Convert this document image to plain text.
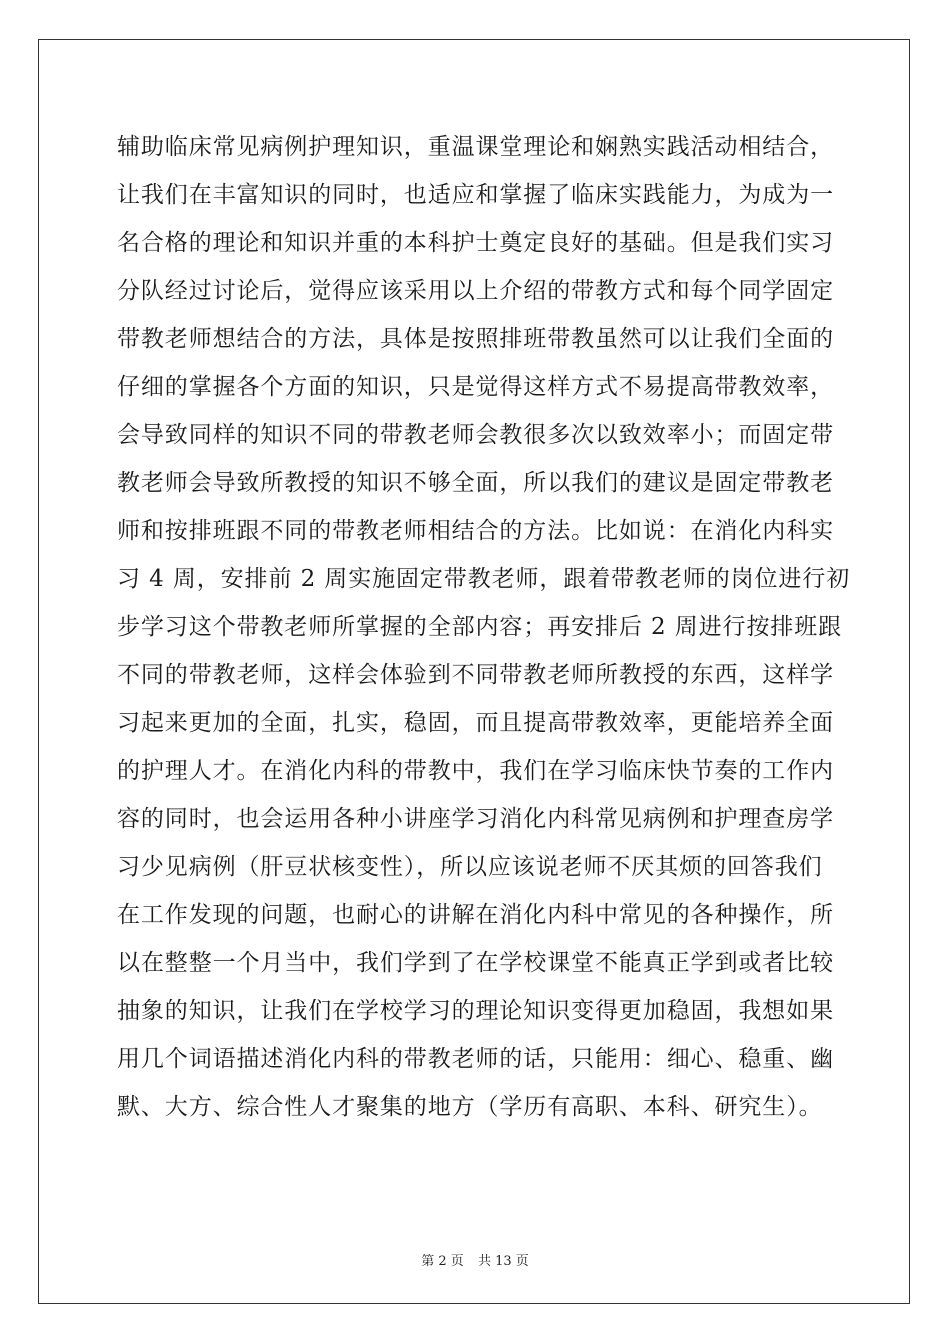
辅助临床常见病例护理知识，重温课堂理论和娴熟实践活动相结合，
让我们在丰富知识的同时，也适应和掌握了临床实践能力，为成为一
名合格的理论和知识并重的本科护士奠定良好的基础。但是我们实习
分队经过讨论后，觉得应该采用以上介绍的带教方式和每个同学固定
带教老师想结合的方法，具体是按照排班带教虽然可以让我们全面的
仔细的掌握各个方面的知识，只是觉得这样方式不易提高带教效率，
会导致同样的知识不同的带教老师会教很多次以致效率小；而固定带
教老师会导致所教授的知识不够全面，所以我们的建议是固定带教老
师和按排班跟不同的带教老师相结合的方法。比如说：在消化内科实
习 4 周，安排前 2 周实施固定带教老师，跟着带教老师的岗位进行初
步学习这个带教老师所掌握的全部内容；再安排后 2 周进行按排班跟
不同的带教老师，这样会体验到不同带教老师所教授的东西，这样学
习起来更加的全面，扎实，稳固，而且提高带教效率，更能培养全面
的护理人才。在消化内科的带教中，我们在学习临床快节奏的工作内
容的同时，也会运用各种小讲座学习消化内科常见病例和护理查房学
习少见病例（肝豆状核变性），所以应该说老师不厌其烦的回答我们
在工作发现的问题，也耐心的讲解在消化内科中常见的各种操作，所
以在整整一个月当中，我们学到了在学校课堂不能真正学到或者比较
抽象的知识，让我们在学校学习的理论知识变得更加稳固，我想如果
用几个词语描述消化内科的带教老师的话，只能用：细心、稳重、幽
默、大方、综合性人才聚集的地方（学历有高职、本科、研究生）。
第 2 页 共 13 页
